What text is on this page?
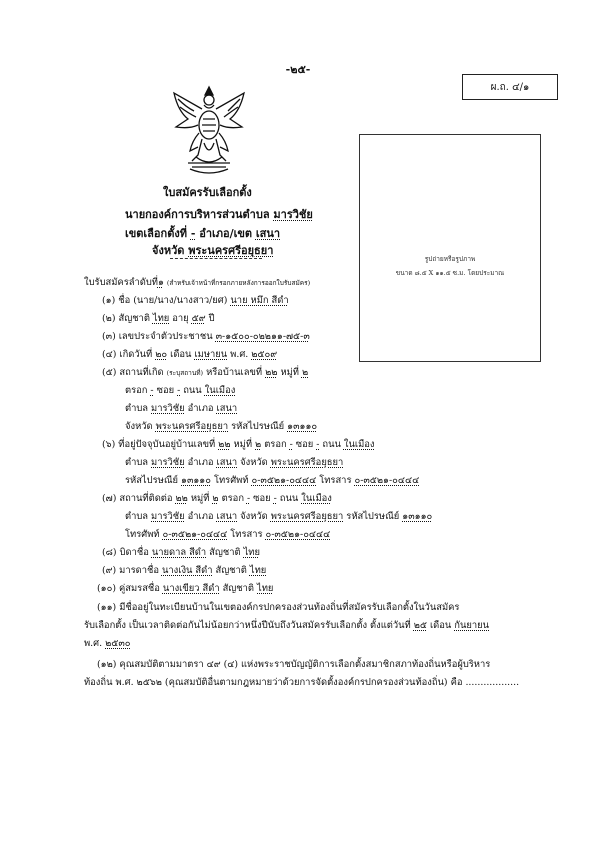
-๒๕-
ผ.ถ. ๔/๑
รูปถ่ายหรือรูปภาพ
ขนาด ๘.๕ X ๑๑.๕ ซ.ม. โดยประมาณ
ใบสมัครรับเลือกตั้ง
นายกองค์การบริหารส่วนตำบล มารวิชัย
เขตเลือกตั้งที่ - อำเภอ/เขต เสนา
จังหวัด พระนครศรีอยุธยา
ใบรับสมัครลำดับที่๑ (สำหรับเจ้าหน้าที่กรอกภายหลังการออกใบรับสมัคร)
(๑) ชื่อ (นาย/นาง/นางสาว/ยศ) นาย หมึก สีดำ
(๒) สัญชาติ ไทย อายุ ๕๙ ปี
(๓) เลขประจำตัวประชาชน ๓-๑๕๐๐-๐๒๒๑๑-๗๕-๓
(๔) เกิดวันที่ ๒๐ เดือน เมษายน พ.ศ. ๒๕๐๙
(๕) สถานที่เกิด (ระบุสถานที่) หรือบ้านเลขที่ ๒๒ หมู่ที่ ๒
ตรอก - ซอย - ถนน ในเมือง
ตำบล มารวิชัย อำเภอ เสนา
จังหวัด พระนครศรีอยุธยา รหัสไปรษณีย์ ๑๓๑๑๐
(๖) ที่อยู่ปัจจุบันอยู่บ้านเลขที่ ๒๒ หมู่ที่ ๒ ตรอก - ซอย - ถนน ในเมือง
ตำบล มารวิชัย อำเภอ เสนา จังหวัด พระนครศรีอยุธยา
รหัสไปรษณีย์ ๑๓๑๑๐ โทรศัพท์ ๐-๓๕๒๑-๐๔๔๔ โทรสาร ๐-๓๕๒๑-๐๔๔๔
(๗) สถานที่ติดต่อ ๒๒ หมู่ที่ ๒ ตรอก - ซอย - ถนน ในเมือง
ตำบล มารวิชัย อำเภอ เสนา จังหวัด พระนครศรีอยุธยา รหัสไปรษณีย์ ๑๓๑๑๐
โทรศัพท์ ๐-๓๕๒๑-๐๔๔๔ โทรสาร ๐-๓๕๒๑-๐๔๔๔
(๘) บิดาชื่อ นายดาล สีดำ สัญชาติ ไทย
(๙) มารดาชื่อ นางเงิน สีดำ สัญชาติ ไทย
(๑๐) คู่สมรสชื่อ นางเขียว สีดำ สัญชาติ ไทย
(๑๑) มีชื่ออยู่ในทะเบียนบ้านในเขตองค์กรปกครองส่วนท้องถิ่นที่สมัครรับเลือกตั้งในวันสมัคร
รับเลือกตั้ง เป็นเวลาติดต่อกันไม่น้อยกว่าหนึ่งปีนับถึงวันสมัครรับเลือกตั้ง ตั้งแต่วันที่ ๒๕ เดือน กันยายน
พ.ศ. ๒๕๓๐
(๑๒) คุณสมบัติตามมาตรา ๔๙ (๔) แห่งพระราชบัญญัติการเลือกตั้งสมาชิกสภาท้องถิ่นหรือผู้บริหาร
ท้องถิ่น พ.ศ. ๒๕๖๒ (คุณสมบัติอื่นตามกฎหมายว่าด้วยการจัดตั้งองค์กรปกครองส่วนท้องถิ่น) คือ ..................
